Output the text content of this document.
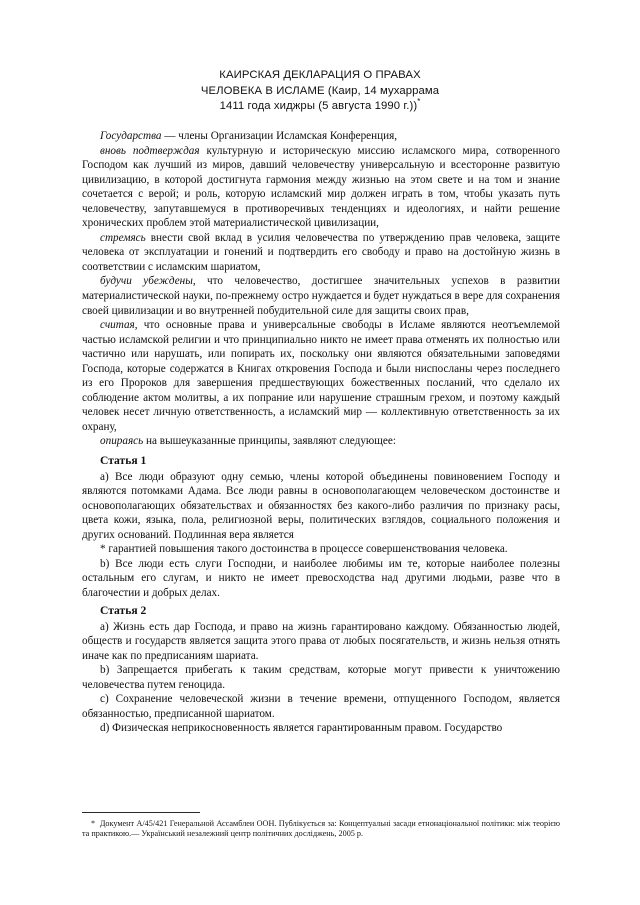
КАИРСКАЯ ДЕКЛАРАЦИЯ О ПРАВАХ
ЧЕЛОВЕКА В ИСЛАМЕ (Каир, 14 мухаррама
1411 года хиджры (5 августа 1990 г.))*

Государства — члены Организации Исламская Конференция,

вновь подтверждая культурную и историческую миссию исламского мира, сотворенного Господом как лучший из миров, давший человечеству универсальную и всесторонне развитую цивилизацию, в которой достигнута гармония между жизнью на этом свете и на том и знание сочетается с верой; и роль, которую исламский мир должен играть в том, чтобы указать путь человечеству, запутавшемуся в противоречивых тенденциях и идеологиях, и найти решение хронических проблем этой материалистической цивилизации,

стремясь внести свой вклад в усилия человечества по утверждению прав человека, защите человека от эксплуатации и гонений и подтвердить его свободу и право на достойную жизнь в соответствии с исламским шариатом,

будучи убеждены, что человечество, достигшее значительных успехов в развитии материалистической науки, по-прежнему остро нуждается и будет нуждаться в вере для сохранения своей цивилизации и во внутренней побудительной силе для защиты своих прав,

считая, что основные права и универсальные свободы в Исламе являются неотъемлемой частью исламской религии и что принципиально никто не имеет права отменять их полностью или частично или нарушать, или попирать их, поскольку они являются обязательными заповедями Господа, которые содержатся в Книгах откровения Господа и были ниспосланы через последнего из его Пророков для завершения предшествующих божественных посланий, что сделало их соблюдение актом молитвы, а их попрание или нарушение страшным грехом, и поэтому каждый человек несет личную ответственность, а исламский мир — коллективную ответственность за их охрану,

опираясь на вышеуказанные принципы, заявляют следующее:

Статья 1

a) Все люди образуют одну семью, члены которой объединены повиновением Господу и являются потомками Адама. Все люди равны в основополагающем человеческом достоинстве и основополагающих обязательствах и обязанностях без какого-либо различия по признаку расы, цвета кожи, языка, пола, религиозной веры, политических взглядов, социального положения и других оснований. Подлинная вера является

* гарантией повышения такого достоинства в процессе совершенствования человека.

b) Все люди есть слуги Господни, и наиболее любимы им те, которые наиболее полезны остальным его слугам, и никто не имеет превосходства над другими людьми, разве что в благочестии и добрых делах.

Статья 2

a) Жизнь есть дар Господа, и право на жизнь гарантировано каждому. Обязанностью людей, обществ и государств является защита этого права от любых посягательств, и жизнь нельзя отнять иначе как по предписаниям шариата.

b) Запрещается прибегать к таким средствам, которые могут привести к уничтожению человечества путем геноцида.

c) Сохранение человеческой жизни в течение времени, отпущенного Господом, является обязанностью, предписанной шариатом.

d) Физическая неприкосновенность является гарантированным правом. Государство

* Документ A/45/421 Генеральной Ассамблеи ООН. Публікується за: Концептуальні засади етнонаціональної політики: між теорією та практикою.— Український незалежний центр політичних досліджень, 2005 р.
